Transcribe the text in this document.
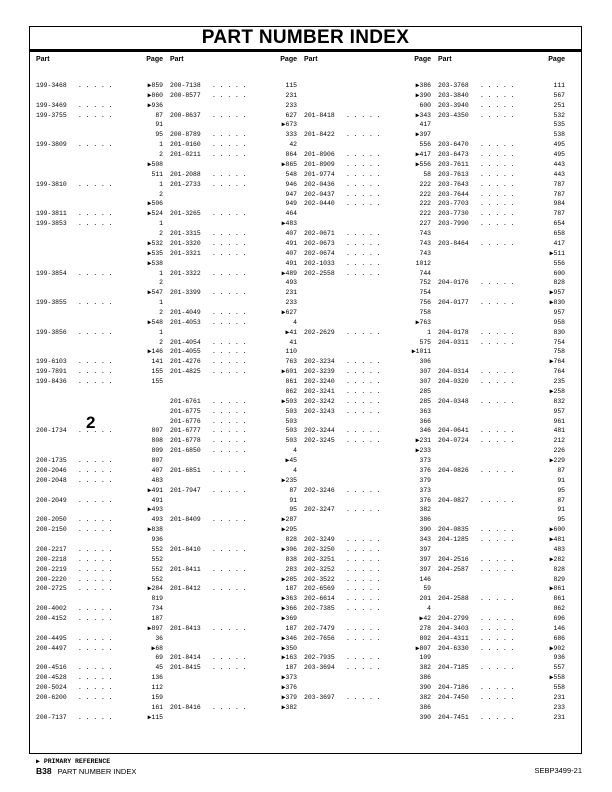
PART NUMBER INDEX
199-3468 . . . . .	▶859
▶860
199-3469 . . . . .	▶936
199-3755 . . . . .	87
91
95
199-3809 . . . . .	1
2
▶508
511
199-3810 . . . . .	1
2
▶506
199-3811 . . . . .	▶524
199-3853 . . . . .	1
2
▶532
▶535
▶538
199-3854 . . . . .	1
2
▶547
199-3855 . . . . .	1
2
▶548
199-3856 . . . . .	1
2
▶146
199-6103 . . . . .	141
199-7891 . . . . .	155
199-8436 . . . . .	155
200-1734 . . . . .	807
808
809
200-1735 . . . . .	807
200-2046 . . . . .	407
200-2048 . . . . .	483
▶491
200-2049 . . . . .	491
▶493
200-2050 . . . . .	493
200-2150 . . . . .	▶838
936
200-2217 . . . . .	552
200-2218 . . . . .	552
200-2219 . . . . .	552
200-2220 . . . . .	552
200-2725 . . . . .	▶284
819
200-4002 . . . . .	734
200-4152 . . . . .	187
▶897
200-4495 . . . . .	36
200-4497 . . . . .	▶68
69
200-4516 . . . . .	45
200-4528 . . . . .	136
200-5024 . . . . .	112
200-6200 . . . . .	159
161
200-7137 . . . . .	▶115
200-7138 . . . . .	115
200-8577 . . . . .	231
233
200-8637 . . . . .	627
▶673
200-8789 . . . . .	333
201-0160 . . . . .	42
201-0211 . . . . .	864
▶865
201-2088 . . . . .	548
201-2733 . . . . .	946
947
949
201-3265 . . . . .	464
▶483
201-3315 . . . . .	407
201-3320 . . . . .	491
201-3321 . . . . .	407
491
201-3322 . . . . .	▶489
493
201-3399 . . . . .	231
233
201-4049 . . . . .	▶627
201-4053 . . . . .	4
▶41
201-4054 . . . . .	41
201-4055 . . . . .	110
201-4276 . . . . .	763
201-4825 . . . . .	▶601
861
862
201-6761 . . . . .	▶503
201-6775 . . . . .	503
201-6776 . . . . .	503
201-6777 . . . . .	503
201-6778 . . . . .	503
201-6850 . . . . .	4
▶45
201-6851 . . . . .	4
▶235
201-7947 . . . . .	87
91
95
201-8409 . . . . .	▶287
▶295
828
201-8410 . . . . .	▶306
838
201-8411 . . . . .	283
▶285
201-8412 . . . . .	187
▶363
▶366
▶369
201-8413 . . . . .	187
▶346
▶350
201-8414 . . . . .	▶163
201-8415 . . . . .	187
▶373
▶376
▶379
201-8416 . . . . .	▶382
▶386
▶390
600
201-8418 . . . . .	▶343
417
201-8422 . . . . .	▶397
556
201-8906 . . . . .	▶417
201-8909 . . . . .	▶556
201-9774 . . . . .	58
202-0436 . . . . .	222
202-0437 . . . . .	222
202-0440 . . . . .	222
222
227
202-0671 . . . . .	743
202-0673 . . . . .	743
202-0674 . . . . .	743
202-1033 . . . . .	1012
202-2558 . . . . .	744
752
754
756
758
▶763
202-2629 . . . . .	1
575
▶1011
202-3234 . . . . .	306
202-3239 . . . . .	307
202-3240 . . . . .	307
202-3241 . . . . .	285
202-3242 . . . . .	285
202-3243 . . . . .	363
366
202-3244 . . . . .	346
202-3245 . . . . .	▶231
▶233
373
376
379
202-3246 . . . . .	373
376
202-3247 . . . . .	382
386
390
202-3249 . . . . .	343
202-3250 . . . . .	397
202-3251 . . . . .	397
202-3252 . . . . .	397
202-3522 . . . . .	146
202-6569 . . . . .	59
202-6614 . . . . .	201
202-7385 . . . . .	4
▶42
202-7479 . . . . .	278
202-7656 . . . . .	802
▶807
202-7935 . . . . .	109
203-3694 . . . . .	382
386
390
203-3697 . . . . .	382
386
390
203-3768 . . . . .	111
203-3840 . . . . .	567
203-3940 . . . . .	251
203-4350 . . . . .	532
535
538
203-6470 . . . . .	495
203-6473 . . . . .	495
203-7611 . . . . .	443
203-7613 . . . . .	443
203-7643 . . . . .	787
203-7644 . . . . .	787
203-7703 . . . . .	984
203-7730 . . . . .	787
203-7990 . . . . .	654
658
203-8464 . . . . .	417
▶511
556
600
204-0176 . . . . .	828
▶957
204-0177 . . . . .	▶830
957
958
204-0178 . . . . .	830
204-0311 . . . . .	754
758
▶764
204-0314 . . . . .	764
204-0320 . . . . .	235
▶258
204-0348 . . . . .	832
957
961
204-0641 . . . . .	481
204-0724 . . . . .	212
226
▶229
204-0826 . . . . .	87
91
95
204-0827 . . . . .	87
91
95
204-0835 . . . . .	▶600
204-1285 . . . . .	▶481
483
204-2516 . . . . .	▶282
204-2587 . . . . .	828
829
▶861
204-2588 . . . . .	861
862
204-2799 . . . . .	696
204-3403 . . . . .	146
204-4311 . . . . .	686
204-6330 . . . . .	▶902
936
204-7185 . . . . .	557
▶558
204-7186 . . . . .	558
204-7450 . . . . .	231
233
204-7451 . . . . .	231
2
▶ PRIMARY REFERENCE
B38 PART NUMBER INDEX	SEBP3499-21
Part	Page Part	Page Part	Page Part	Page
